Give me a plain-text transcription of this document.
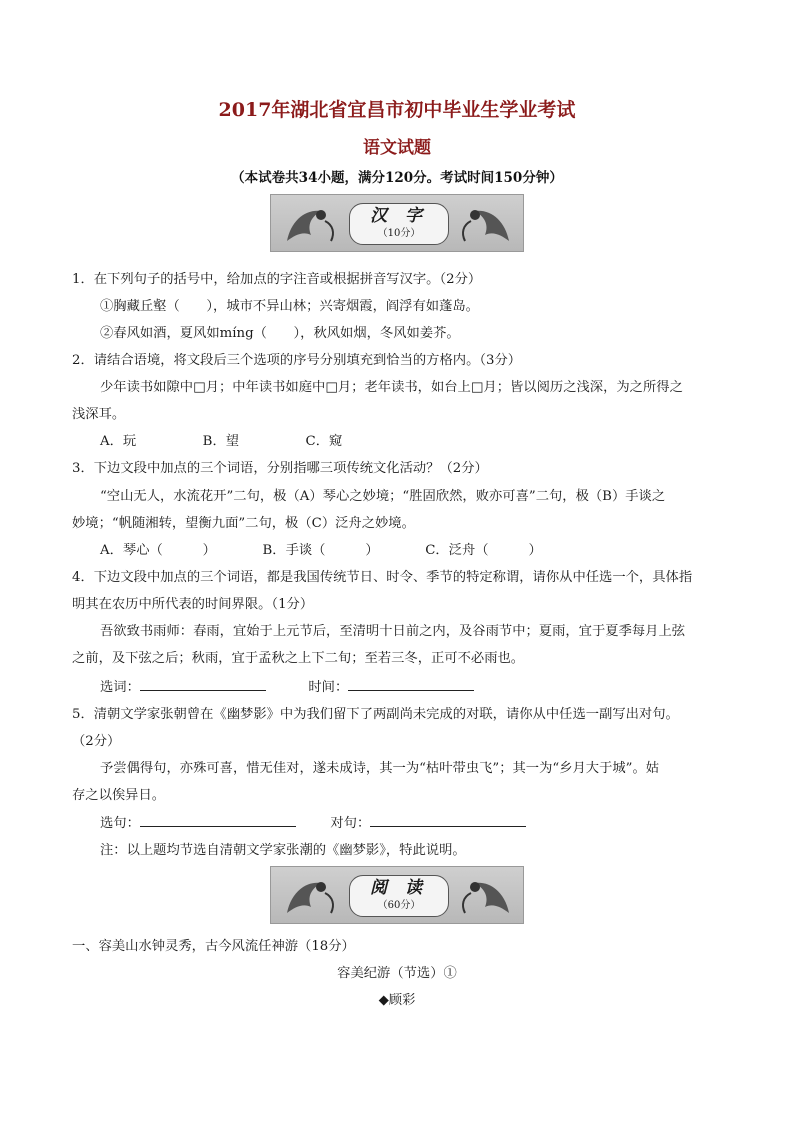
2017年湖北省宜昌市初中毕业生学业考试
语文试题
（本试卷共34小题，满分120分。考试时间150分钟）
汉 字
（10分）
1．在下列句子的括号中，给加点的字注音或根据拼音写汉字。（2分）
①胸藏丘壑（　　），城市不异山林；兴寄烟霞，阎浮有如蓬岛。
②春风如酒，夏风如míng（　　），秋风如烟，冬风如姜芥。
2．请结合语境，将文段后三个选项的序号分别填充到恰当的方格内。（3分）
少年读书如隙中□月；中年读书如庭中□月；老年读书，如台上□月；皆以阅历之浅深，为之所得之
浅深耳。
A．玩　　　　　B．望　　　　　C．窥
3．下边文段中加点的三个词语，分别指哪三项传统文化活动？（2分）
“空山无人，水流花开”二句，极（A）琴心之妙境；“胜固欣然，败亦可喜”二句，极（B）手谈之
妙境；“帆随湘转，望衡九面”二句，极（C）泛舟之妙境。
A．琴心（　　　）　　　　B．手谈（　　　）　　　　C．泛舟（　　　）
4．下边文段中加点的三个词语，都是我国传统节日、时令、季节的特定称谓，请你从中任选一个，具体指
明其在农历中所代表的时间界限。（1分）
吾欲致书雨师：春雨，宜始于上元节后，至清明十日前之内，及谷雨节中；夏雨，宜于夏季每月上弦
之前，及下弦之后；秋雨，宜于孟秋之上下二旬；至若三冬，正可不必雨也。
选词：	时间：
5．清朝文学家张朝曾在《幽梦影》中为我们留下了两副尚未完成的对联，请你从中任选一副写出对句。
（2分）
予尝偶得句，亦殊可喜，惜无佳对，遂未成诗，其一为“枯叶带虫飞”；其一为“乡月大于城”。姑
存之以俟异日。
选句：	对句：
注：以上题均节选自清朝文学家张潮的《幽梦影》，特此说明。
阅 读
（60分）
一、容美山水钟灵秀，古今风流任神游（18分）
容美纪游（节选）①
◆顾彩
